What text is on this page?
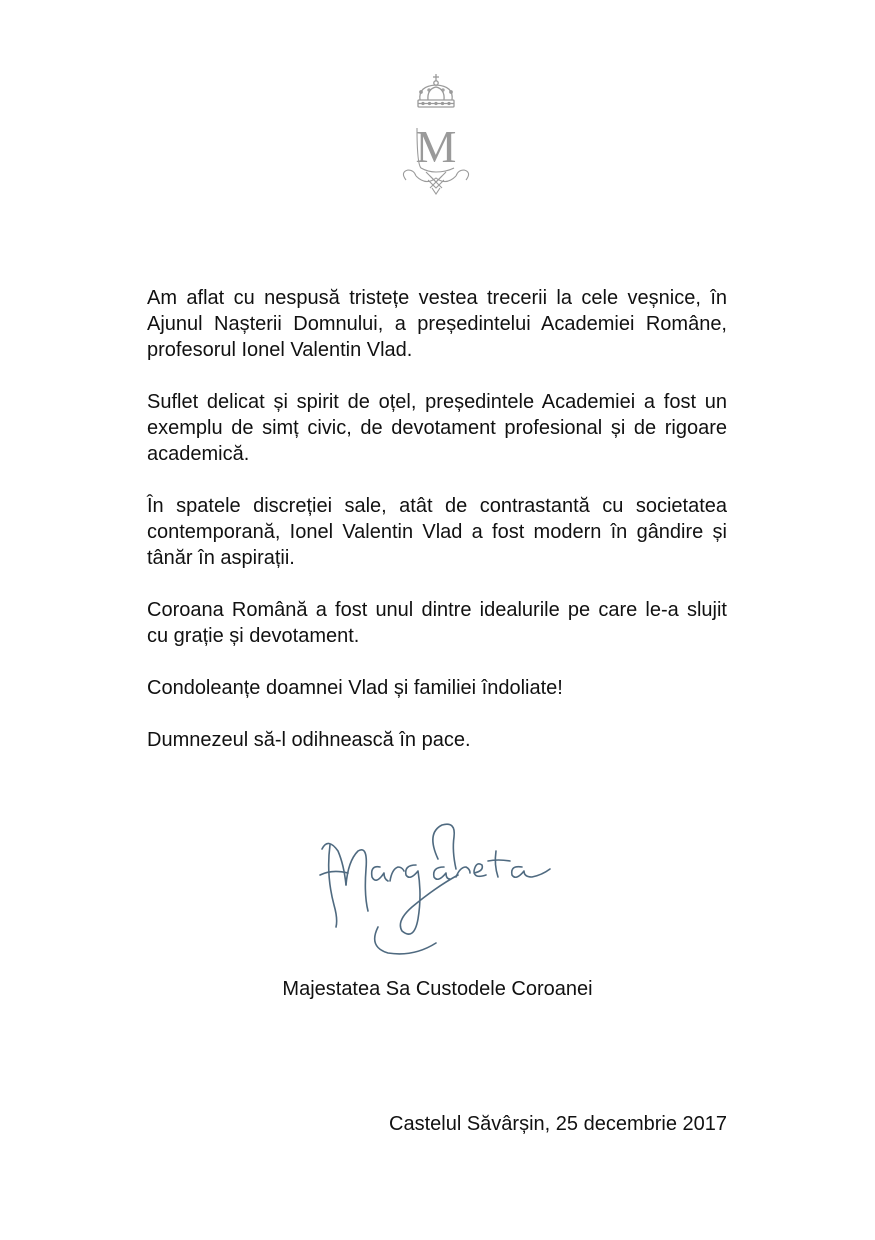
M

Am aflat cu nespusă tristețe vestea trecerii la cele veșnice, în Ajunul Nașterii Domnului, a președintelui Academiei Române, profesorul Ionel Valentin Vlad.

Suflet delicat și spirit de oțel, președintele Academiei a fost un exemplu de simț civic, de devotament profesional și de rigoare academică.

În spatele discreției sale, atât de contrastantă cu societatea contemporană, Ionel Valentin Vlad a fost modern în gândire și tânăr în aspirații.

Coroana Română a fost unul dintre idealurile pe care le-a slujit cu grație și devotament.

Condoleanțe doamnei Vlad și familiei îndoliate!

Dumnezeul să-l odihnească în pace.

Majestatea Sa Custodele Coroanei
Castelul Săvârșin, 25 decembrie 2017
